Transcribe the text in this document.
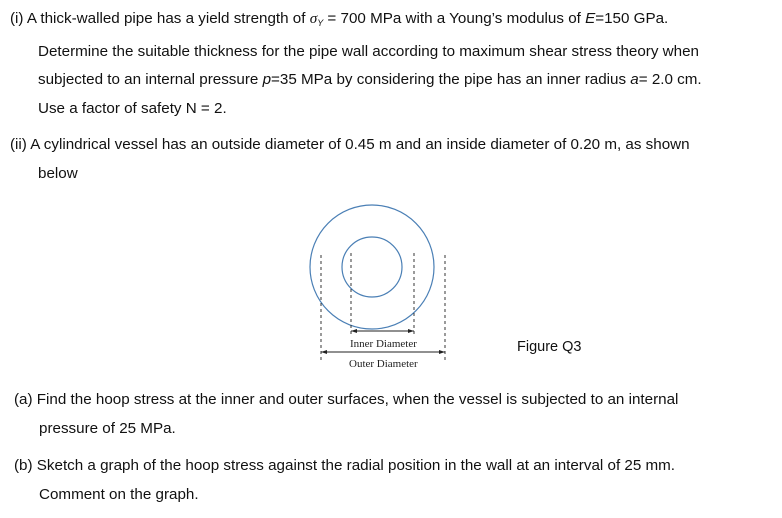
(i) A thick-walled pipe has a yield strength of $\sigma_Y = 700$ MPa with a Young’s modulus of E=150 GPa.
Determine the suitable thickness for the pipe wall according to maximum shear stress theory when
subjected to an internal pressure p=35 MPa by considering the pipe has an inner radius a= 2.0 cm.
Use a factor of safety N = 2.
(ii) A cylindrical vessel has an outside diameter of 0.45 m and an inside diameter of 0.20 m, as shown
below
Inner Diameter
Outer Diameter
Figure Q3
(a) Find the hoop stress at the inner and outer surfaces, when the vessel is subjected to an internal
pressure of 25 MPa.
(b) Sketch a graph of the hoop stress against the radial position in the wall at an interval of 25 mm.
Comment on the graph.
